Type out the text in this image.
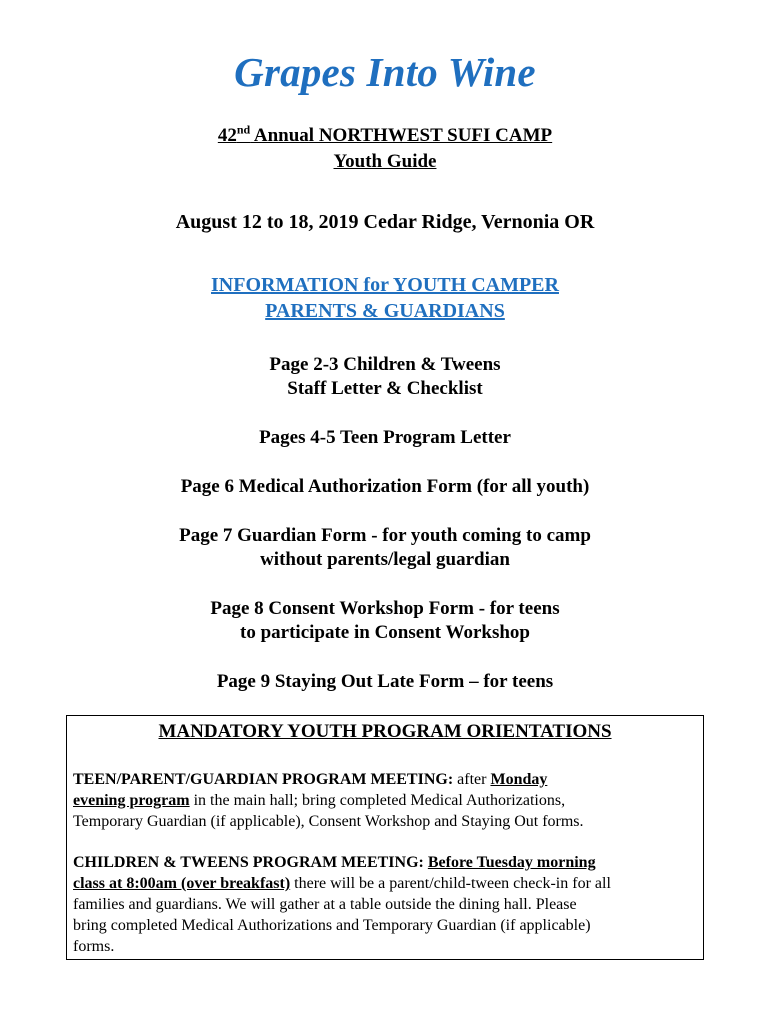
Grapes Into Wine
42nd Annual NORTHWEST SUFI CAMP
Youth Guide
August 12 to 18, 2019 Cedar Ridge, Vernonia OR
INFORMATION for YOUTH CAMPER
PARENTS & GUARDIANS
Page 2-3 Children & Tweens
Staff Letter & Checklist
Pages 4-5 Teen Program Letter
Page 6 Medical Authorization Form (for all youth)
Page 7 Guardian Form - for youth coming to camp
without parents/legal guardian
Page 8 Consent Workshop Form - for teens
to participate in Consent Workshop
Page 9 Staying Out Late Form – for teens
MANDATORY YOUTH PROGRAM ORIENTATIONS
TEEN/PARENT/GUARDIAN PROGRAM MEETING: after Monday
evening program in the main hall; bring completed Medical Authorizations,
Temporary Guardian (if applicable), Consent Workshop and Staying Out forms.
CHILDREN & TWEENS PROGRAM MEETING: Before Tuesday morning
class at 8:00am (over breakfast) there will be a parent/child-tween check-in for all
families and guardians. We will gather at a table outside the dining hall. Please
bring completed Medical Authorizations and Temporary Guardian (if applicable)
forms.
